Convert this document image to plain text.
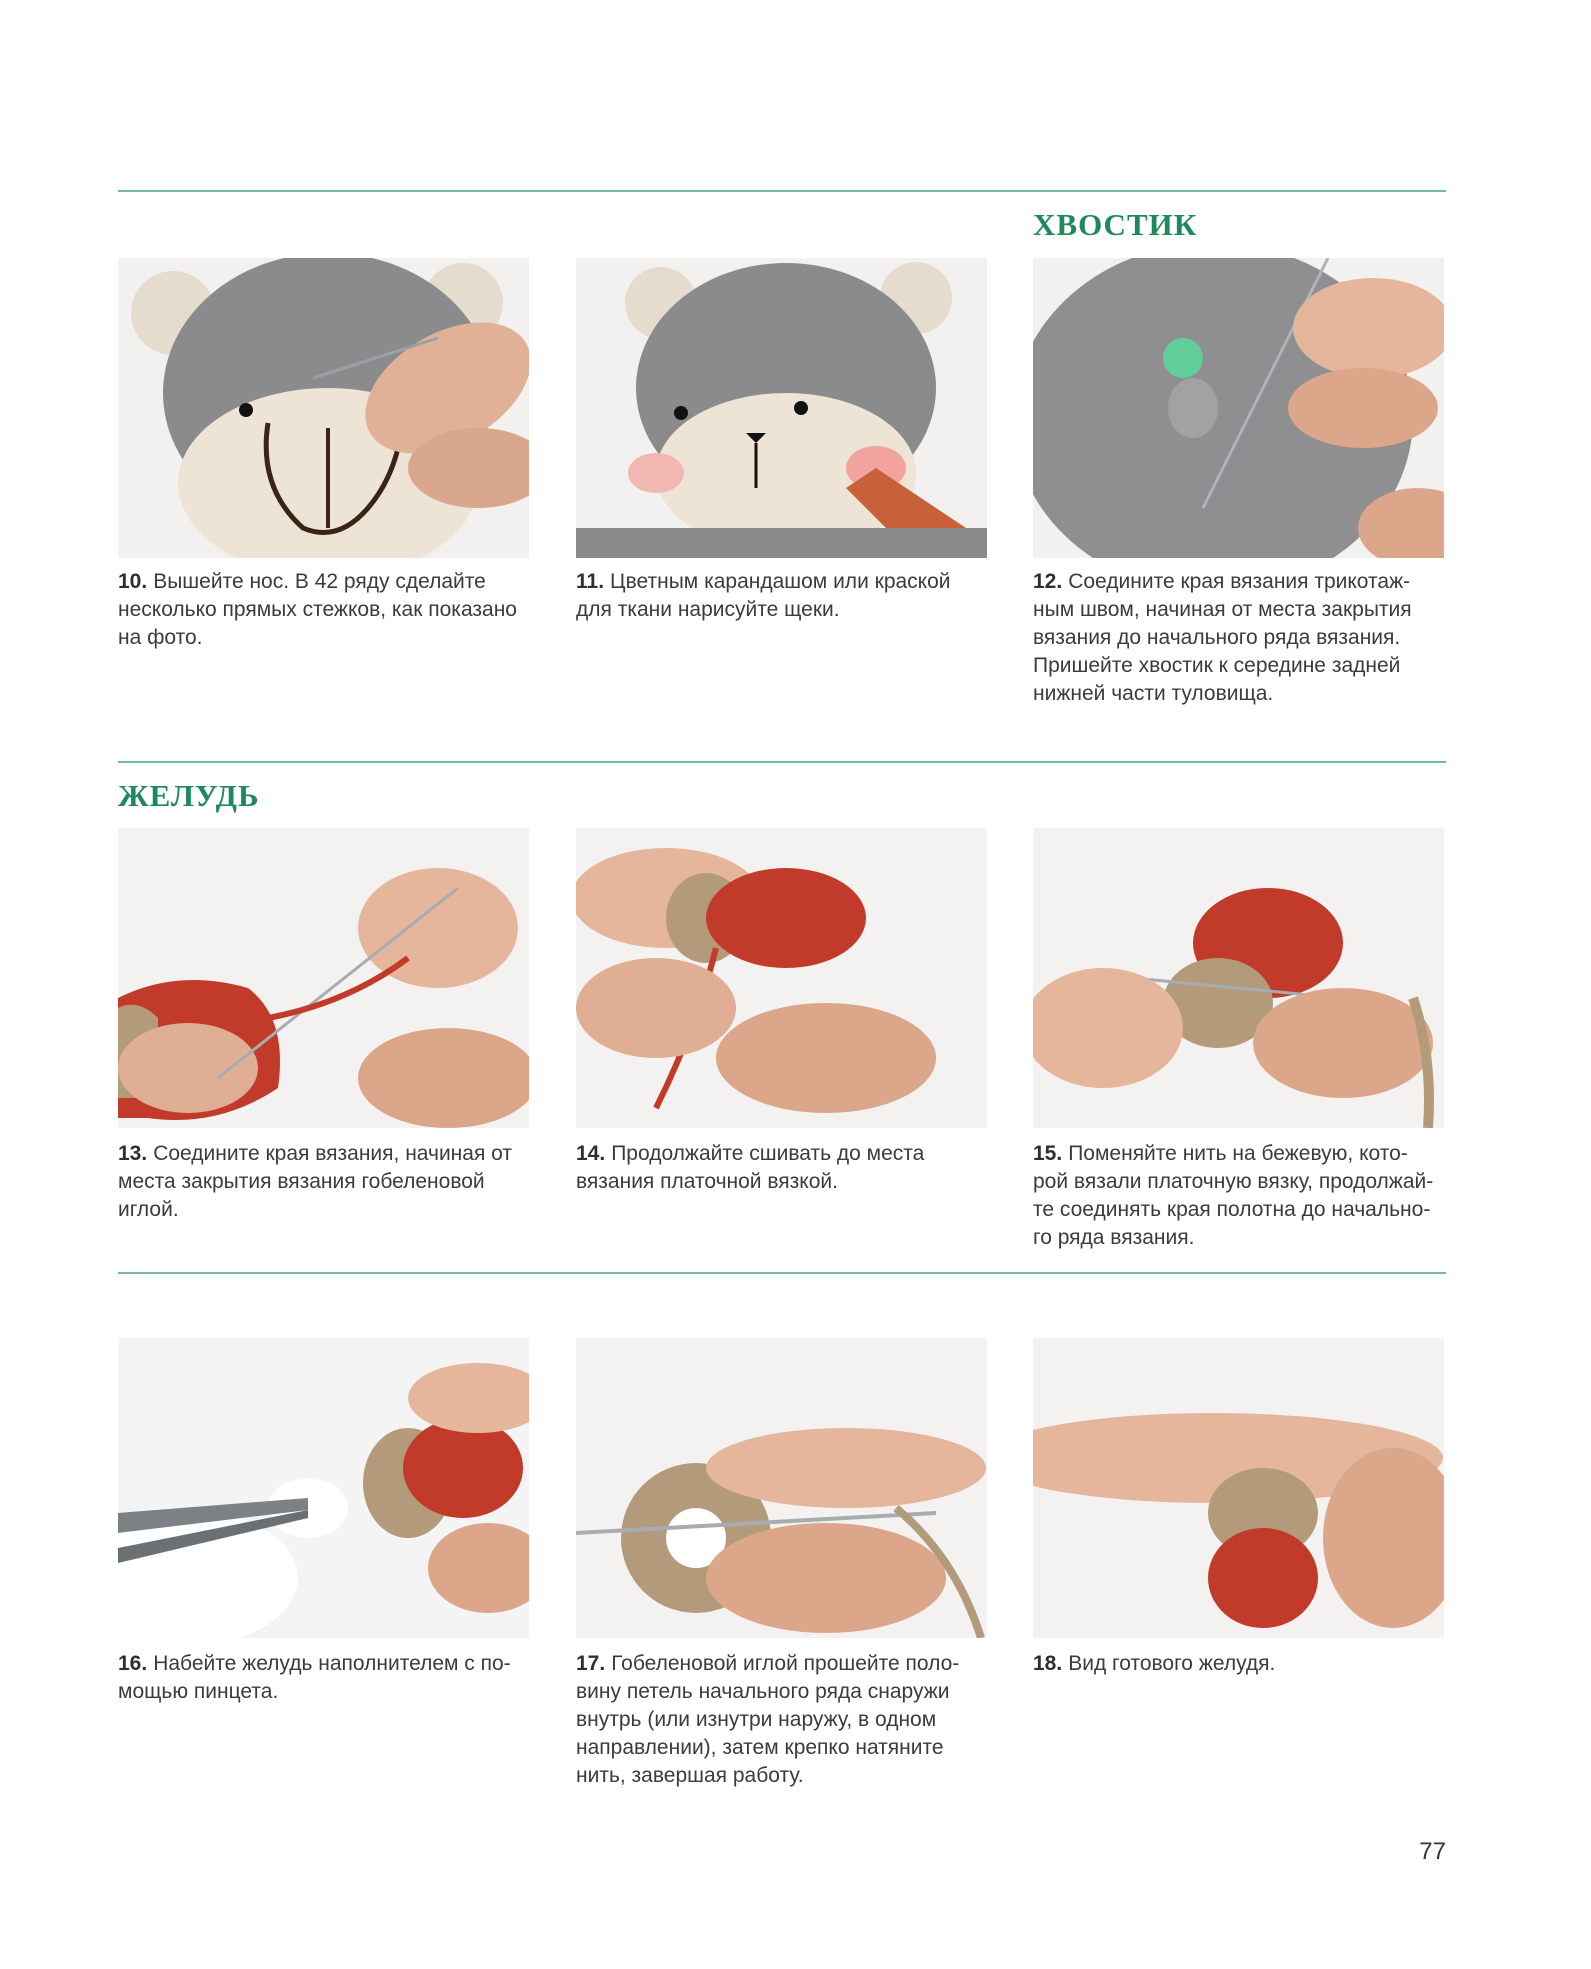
ХВОСТИК
ЖЕЛУДЬ

10. Вышейте нос. В 42 ряду сделайте несколько прямых стежков, как показано на фото.

11. Цветным карандашом или краской для ткани нарисуйте щеки.

12. Соедините края вязания трикотаж-ным швом, начиная от места закрытия вязания до начального ряда вязания. Пришейте хвостик к середине задней нижней части туловища.

13. Соедините края вязания, начиная от места закрытия вязания гобеленовой иглой.

14. Продолжайте сшивать до места вязания платочной вязкой.

15. Поменяйте нить на бежевую, кото-рой вязали платочную вязку, продолжай-те соединять края полотна до начально-го ряда вязания.

16. Набейте желудь наполнителем с по-мощью пинцета.

17. Гобеленовой иглой прошейте поло-вину петель начального ряда снаружи внутрь (или изнутри наружу, в одном направлении), затем крепко натяните нить, завершая работу.

18. Вид готового желудя.

77
